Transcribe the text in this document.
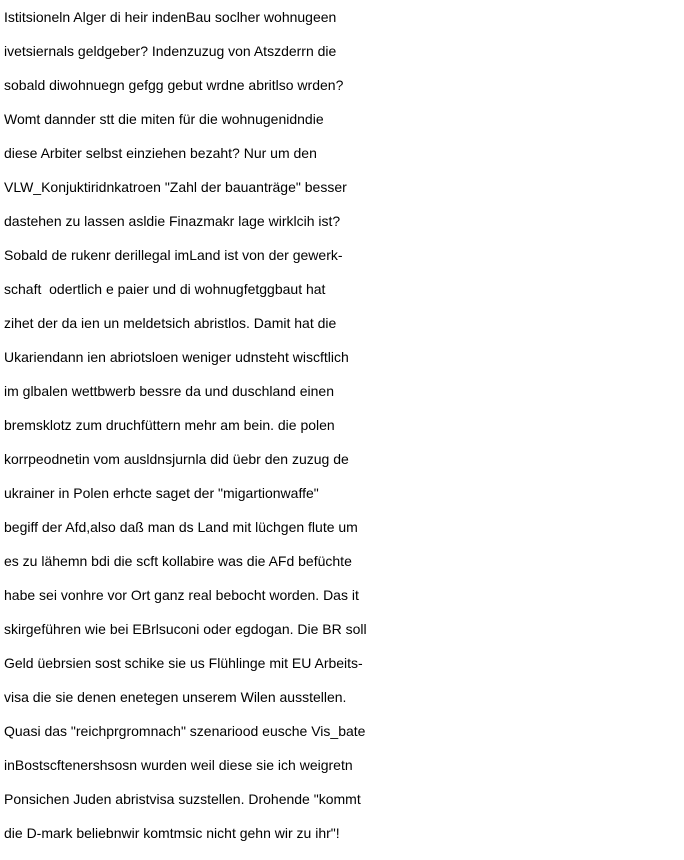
Istitsioneln Alger di heir indenBau soclher wohnugeen
ivetsiernals geldgeber? Indenzuzug von Atszderrn die
sobald diwohnuegn gefgg gebut wrdne abritlso wrden?
Womt dannder stt die miten für die wohnugenidndie
diese Arbiter selbst einziehen bezaht? Nur um den
VLW_Konjuktiridnkatroen "Zahl der bauanträge" besser
dastehen zu lassen asldie Finazmakr lage wirklcih ist?
Sobald de rukenr derillegal imLand ist von der gewerk-
schaft  odertlich e paier und di wohnugfetggbaut hat
zihet der da ien un meldetsich abristlos. Damit hat die
Ukariendann ien abriotsloen weniger udnsteht wiscftlich
im glbalen wettbwerb bessre da und duschland einen
bremsklotz zum druchfüttern mehr am bein. die polen
korrpeodnetin vom ausldnsjurnla did üebr den zuzug de
ukrainer in Polen erhcte saget der "migartionwaffe"
begiff der Afd,also daß man ds Land mit lüchgen flute um
es zu lähemn bdi die scft kollabire was die AFd befüchte
habe sei vonhre vor Ort ganz real bebocht worden. Das it
skirgeführen wie bei EBrlsuconi oder egdogan. Die BR soll
Geld üebrsien sost schike sie us Flühlinge mit EU Arbeits-
visa die sie denen enetegen unserem Wilen ausstellen.
Quasi das "reichprgromnach" szenariood eusche Vis_bate
inBostscftenershsosn wurden weil diese sie ich weigretn
Ponsichen Juden abristvisa suzstellen. Drohende "kommt
die D-mark beliebnwir komtmsic nicht gehn wir zu ihr"!
